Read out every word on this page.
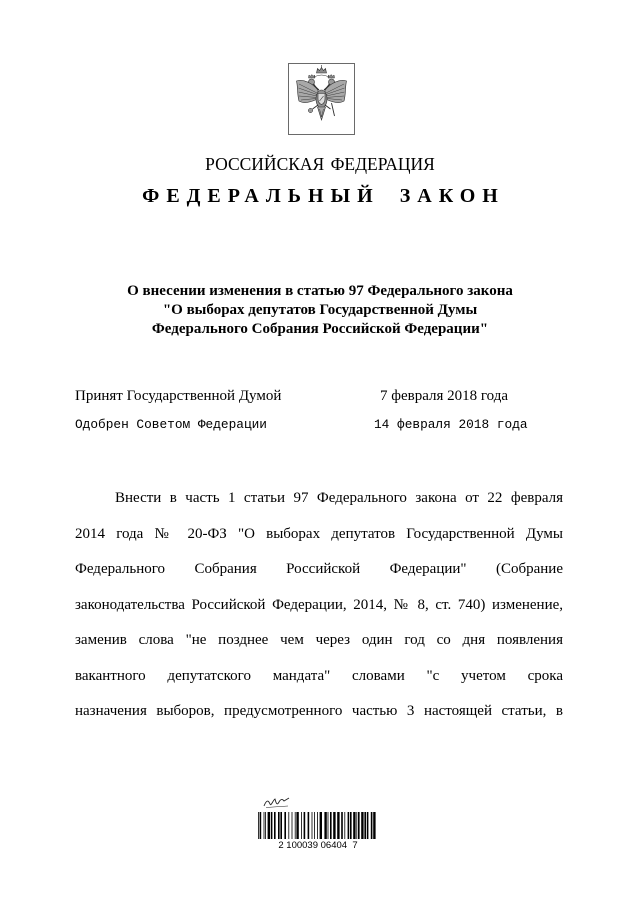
РОССИЙСКАЯ ФЕДЕРАЦИЯ
ФЕДЕРАЛЬНЫЙ ЗАКОН
О внесении изменения в статью 97 Федерального закона
"О выборах депутатов Государственной Думы
Федерального Собрания Российской Федерации"
Принят Государственной Думой	7 февраля 2018 года
Одобрен Советом Федерации	14 февраля 2018 года
Внести в часть 1 статьи 97 Федерального закона от 22 февраля
2014 года № 20-ФЗ "О выборах депутатов Государственной Думы
Федерального Собрания Российской Федерации" (Собрание
законодательства Российской Федерации, 2014, № 8, ст. 740) изменение,
заменив слова "не позднее чем через один год со дня появления
вакантного депутатского мандата" словами "с учетом срока
назначения выборов, предусмотренного частью 3 настоящей статьи, в
2 100039 06404  7
